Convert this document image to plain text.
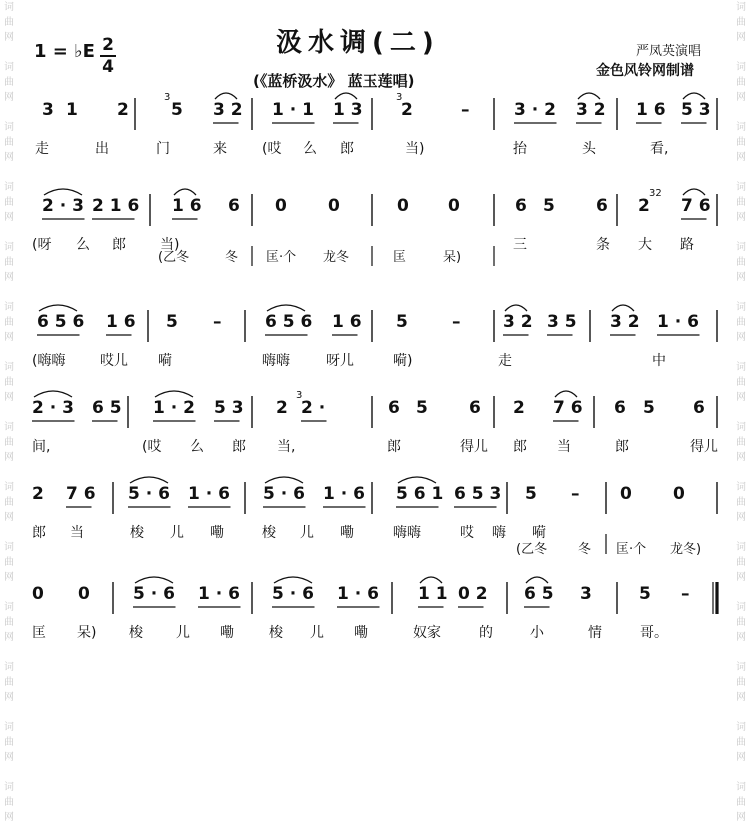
词
曲
网

词
曲
网

词
曲
网

词
曲
网

词
曲
网

词
曲
网

词
曲
网

词
曲
网

词
曲
网

词
曲
网

词
曲
网

词
曲
网

词
曲
网

词
曲
网

词
曲
网

词
曲
网

词
曲
网

词
曲
网

词
曲
网

词
曲
网

词
曲
网

词
曲
网

词
曲
网

词
曲
网

词
曲
网

词
曲
网

词
曲
网

词
曲
网

1 = ♭E 2
4
汲水调(二)
(《蓝桥汲水》 蓝玉莲唱)
严凤英演唱
金色风铃网制谱
3 1 2 5 3 2 1 · 1 1 3 2	–	3 · 2 3 2 1 6 5 3
3	3
走	出	门	来	(哎 么 郎	当)	抬	头	看,
2 · 3 2 1 6 1 6 6 0 0	0 0	6 5 6 2 7 6
32
(呀 么 郎 当)	三	条 大 路
(乙冬	冬 匡·个 龙冬	匡	呆)
6 5 6 1 6 5 –	6 5 6 1 6 5	–	3 2 3 5 3 2 1 · 6
(嗨嗨 哎儿 嗬	嗨嗨	呀儿	嗬)	走	中
2 · 3 6 5 1 · 2 5 3 2 2 ·	6 5 6 2 7 6 6 5 6
3
间,	(哎 么 郎 当,	郎	得儿 郎 当	郎	得儿
2 7 6 5 · 6 1 · 6 5 · 6 1 · 6 5 6 1 6 5 3 5 – 0 0
郎 当	梭 儿 嘞	梭 儿 嘞	嗨嗨	哎 嗨 嗬
(乙冬 冬 匡·个 龙冬)
0 0	5 · 6 1 · 6 5 · 6 1 · 6 1 1 0 2 6 5 3	5 –
匡 呆) 梭 儿 嘞	梭 儿 嘞	奴家	的	小	情	哥。
